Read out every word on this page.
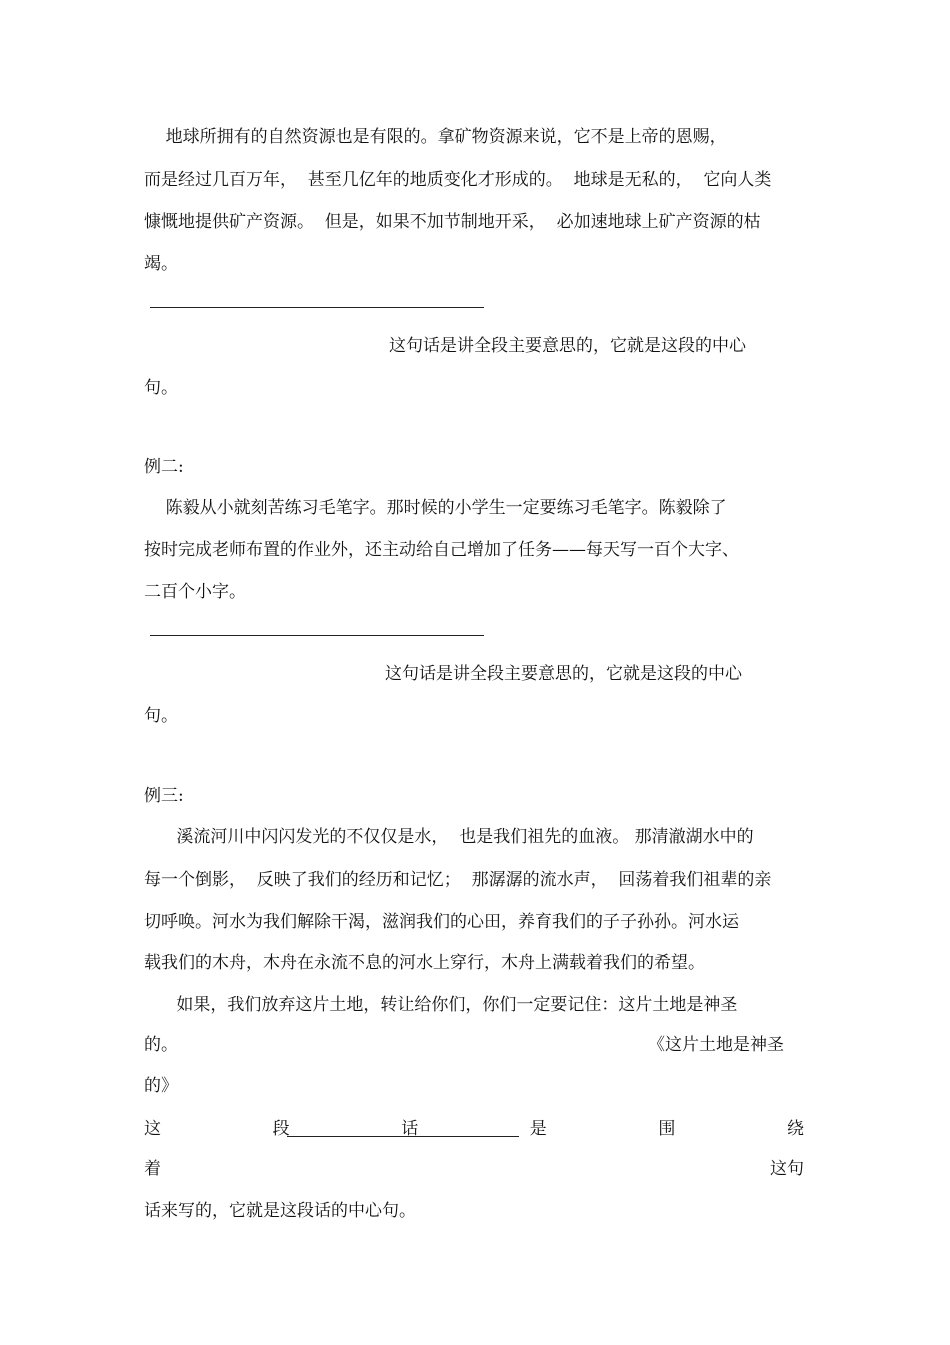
地球所拥有的自然资源也是有限的。拿矿物资源来说，它不是上帝的恩赐，
而是经过几百万年，  甚至几亿年的地质变化才形成的。  地球是无私的，  它向人类
慷慨地提供矿产资源。  但是，如果不加节制地开采，  必加速地球上矿产资源的枯
竭。
这句话是讲全段主要意思的，它就是这段的中心
句。
例二:
陈毅从小就刻苦练习毛笔字。那时候的小学生一定要练习毛笔字。陈毅除了
按时完成老师布置的作业外，还主动给自己增加了任务——每天写一百个大字、
二百个小字。
这句话是讲全段主要意思的，它就是这段的中心
句。
例三:
溪流河川中闪闪发光的不仅仅是水，  也是我们祖先的血液。 那清澈湖水中的
每一个倒影，  反映了我们的经历和记忆；  那潺潺的流水声，  回荡着我们祖辈的亲
切呼唤。河水为我们解除干渴，滋润我们的心田，养育我们的子子孙孙。河水运
载我们的木舟，木舟在永流不息的河水上穿行，木舟上满载着我们的希望。
如果，我们放弃这片土地，转让给你们，你们一定要记住：这片土地是神圣
的。	《这片土地是神圣
的》
这	段	话	是	围	绕
着	这句
话来写的，它就是这段话的中心句。
